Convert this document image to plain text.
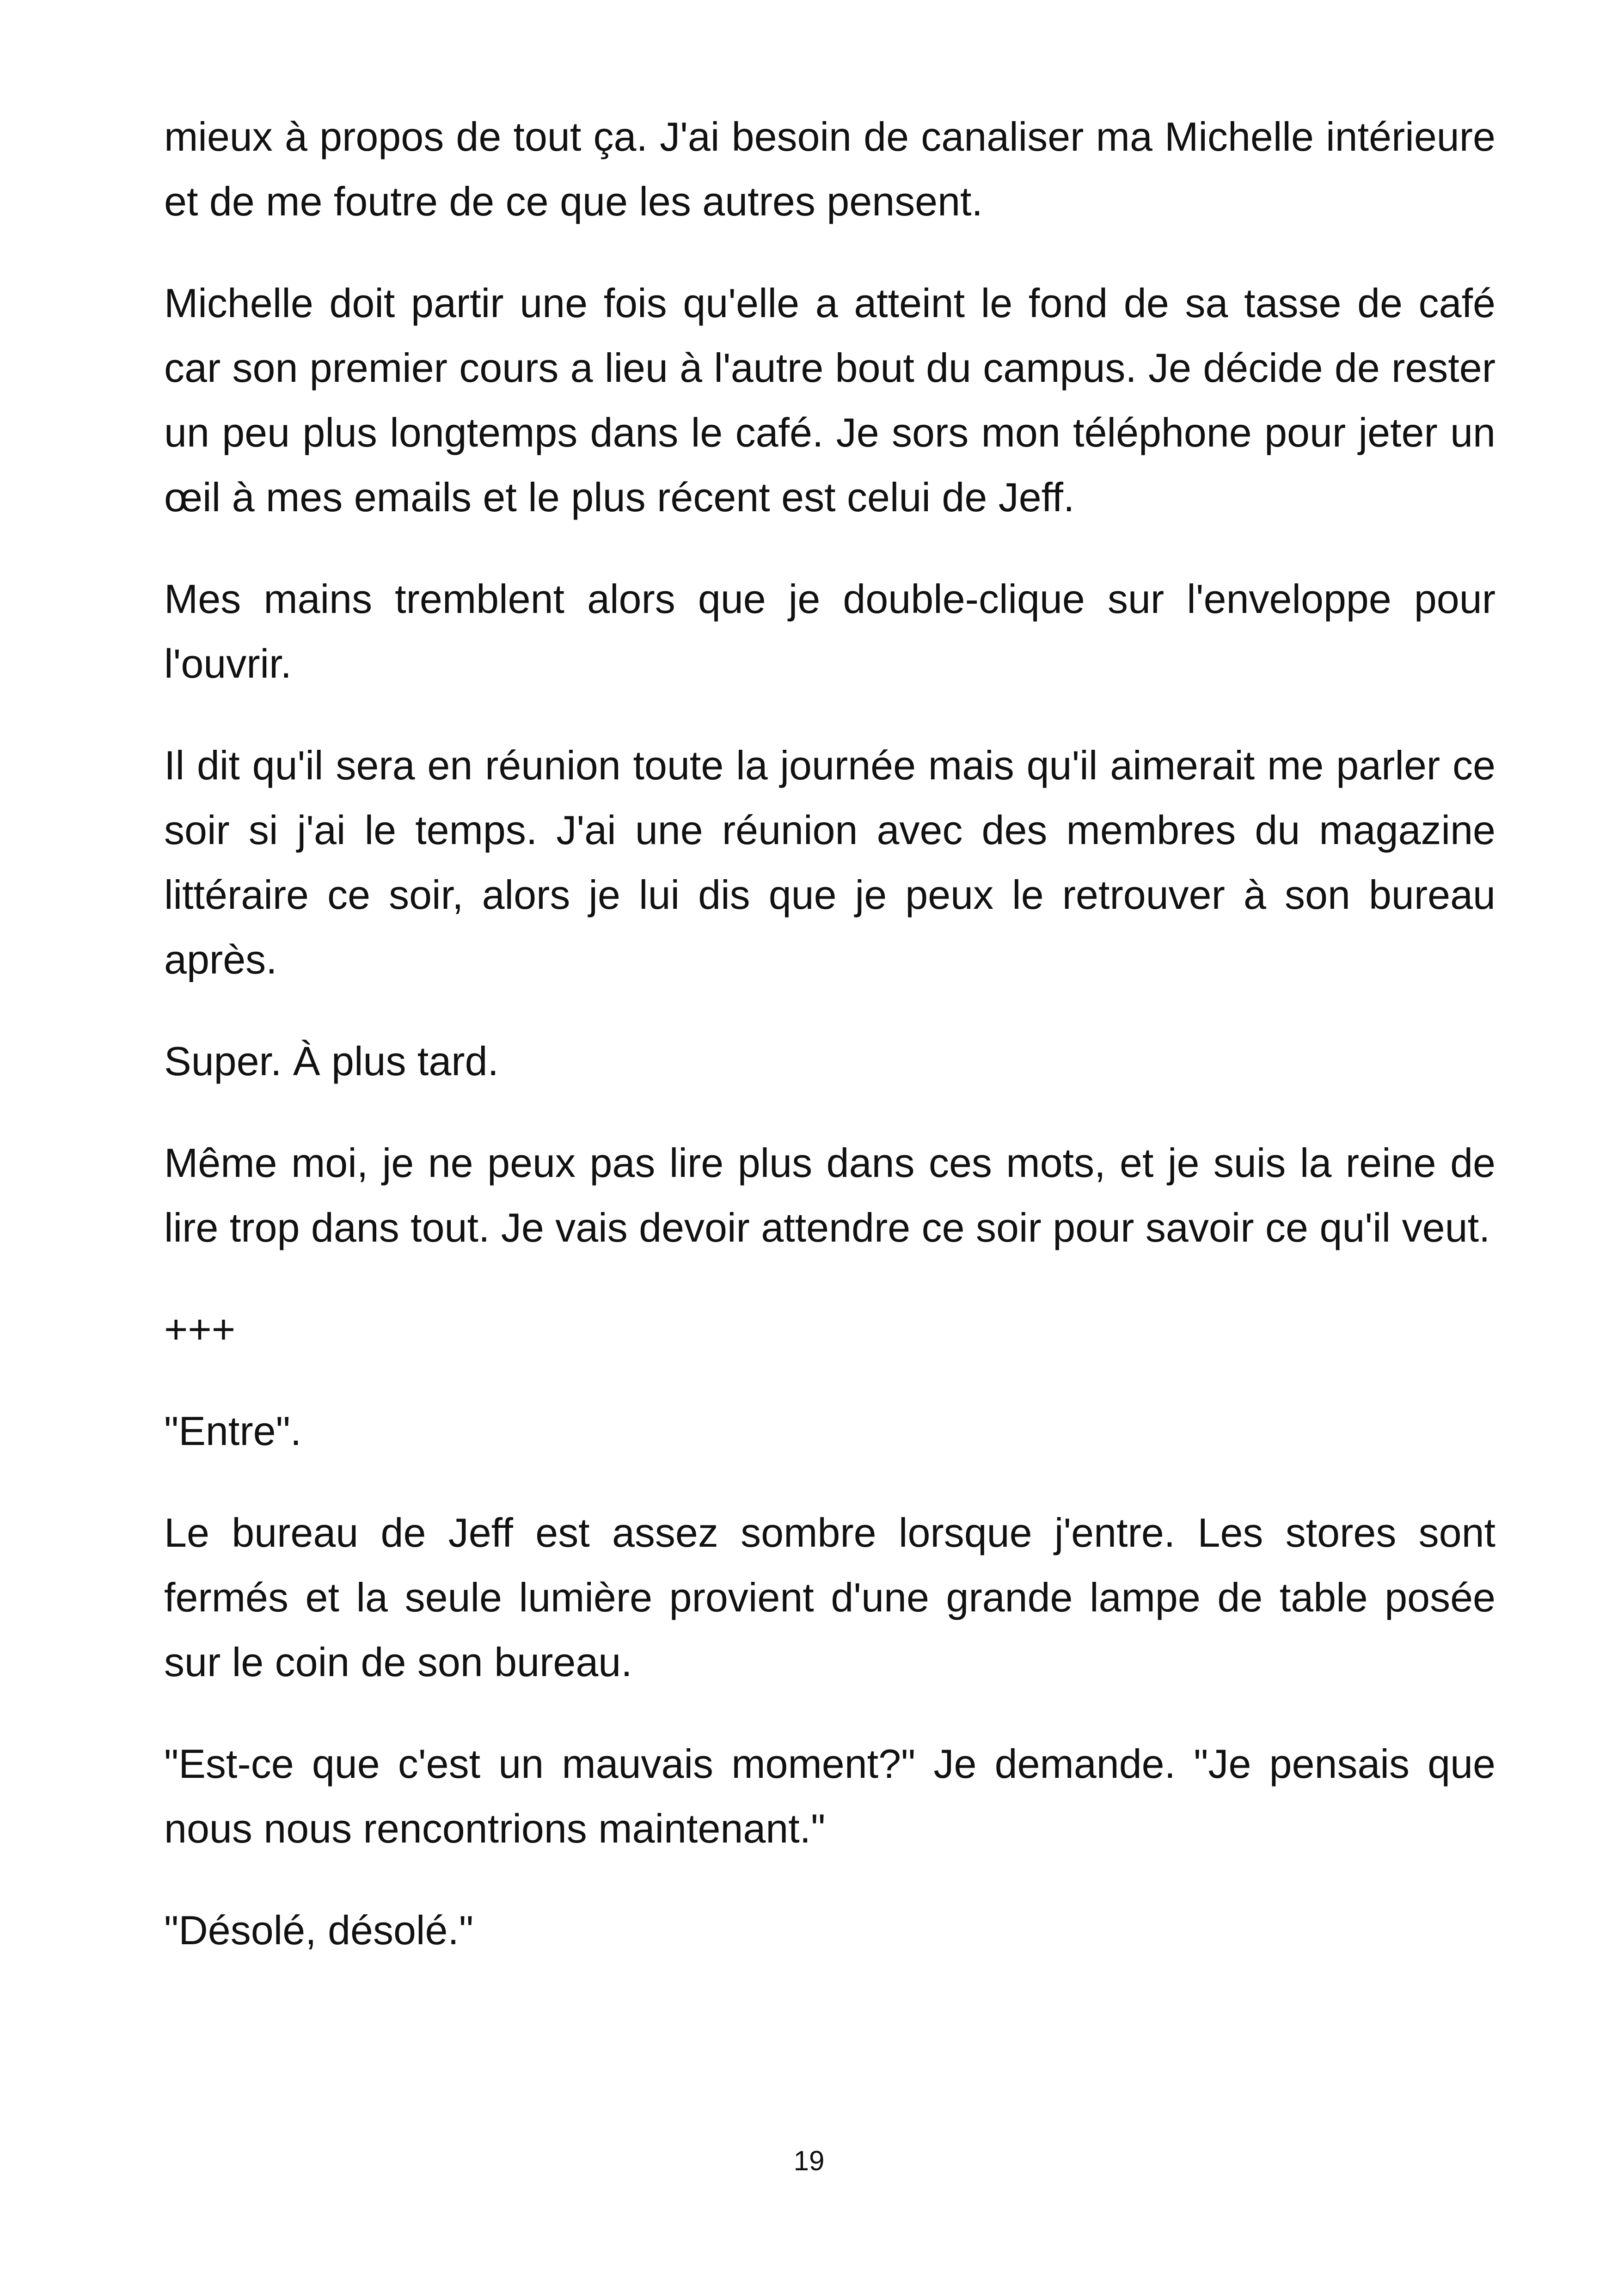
mieux à propos de tout ça. J'ai besoin de canaliser ma Michelle intérieure et de me foutre de ce que les autres pensent.

Michelle doit partir une fois qu'elle a atteint le fond de sa tasse de café car son premier cours a lieu à l'autre bout du campus. Je décide de rester un peu plus longtemps dans le café. Je sors mon téléphone pour jeter un œil à mes emails et le plus récent est celui de Jeff.

Mes mains tremblent alors que je double-clique sur l'enveloppe pour l'ouvrir.

Il dit qu'il sera en réunion toute la journée mais qu'il aimerait me parler ce soir si j'ai le temps. J'ai une réunion avec des membres du magazine littéraire ce soir, alors je lui dis que je peux le retrouver à son bureau après.

Super. À plus tard.

Même moi, je ne peux pas lire plus dans ces mots, et je suis la reine de lire trop dans tout. Je vais devoir attendre ce soir pour savoir ce qu'il veut.

+++

"Entre".

Le bureau de Jeff est assez sombre lorsque j'entre. Les stores sont fermés et la seule lumière provient d'une grande lampe de table posée sur le coin de son bureau.

"Est-ce que c'est un mauvais moment?" Je demande. "Je pensais que nous nous rencontrions maintenant."

"Désolé, désolé."

19
